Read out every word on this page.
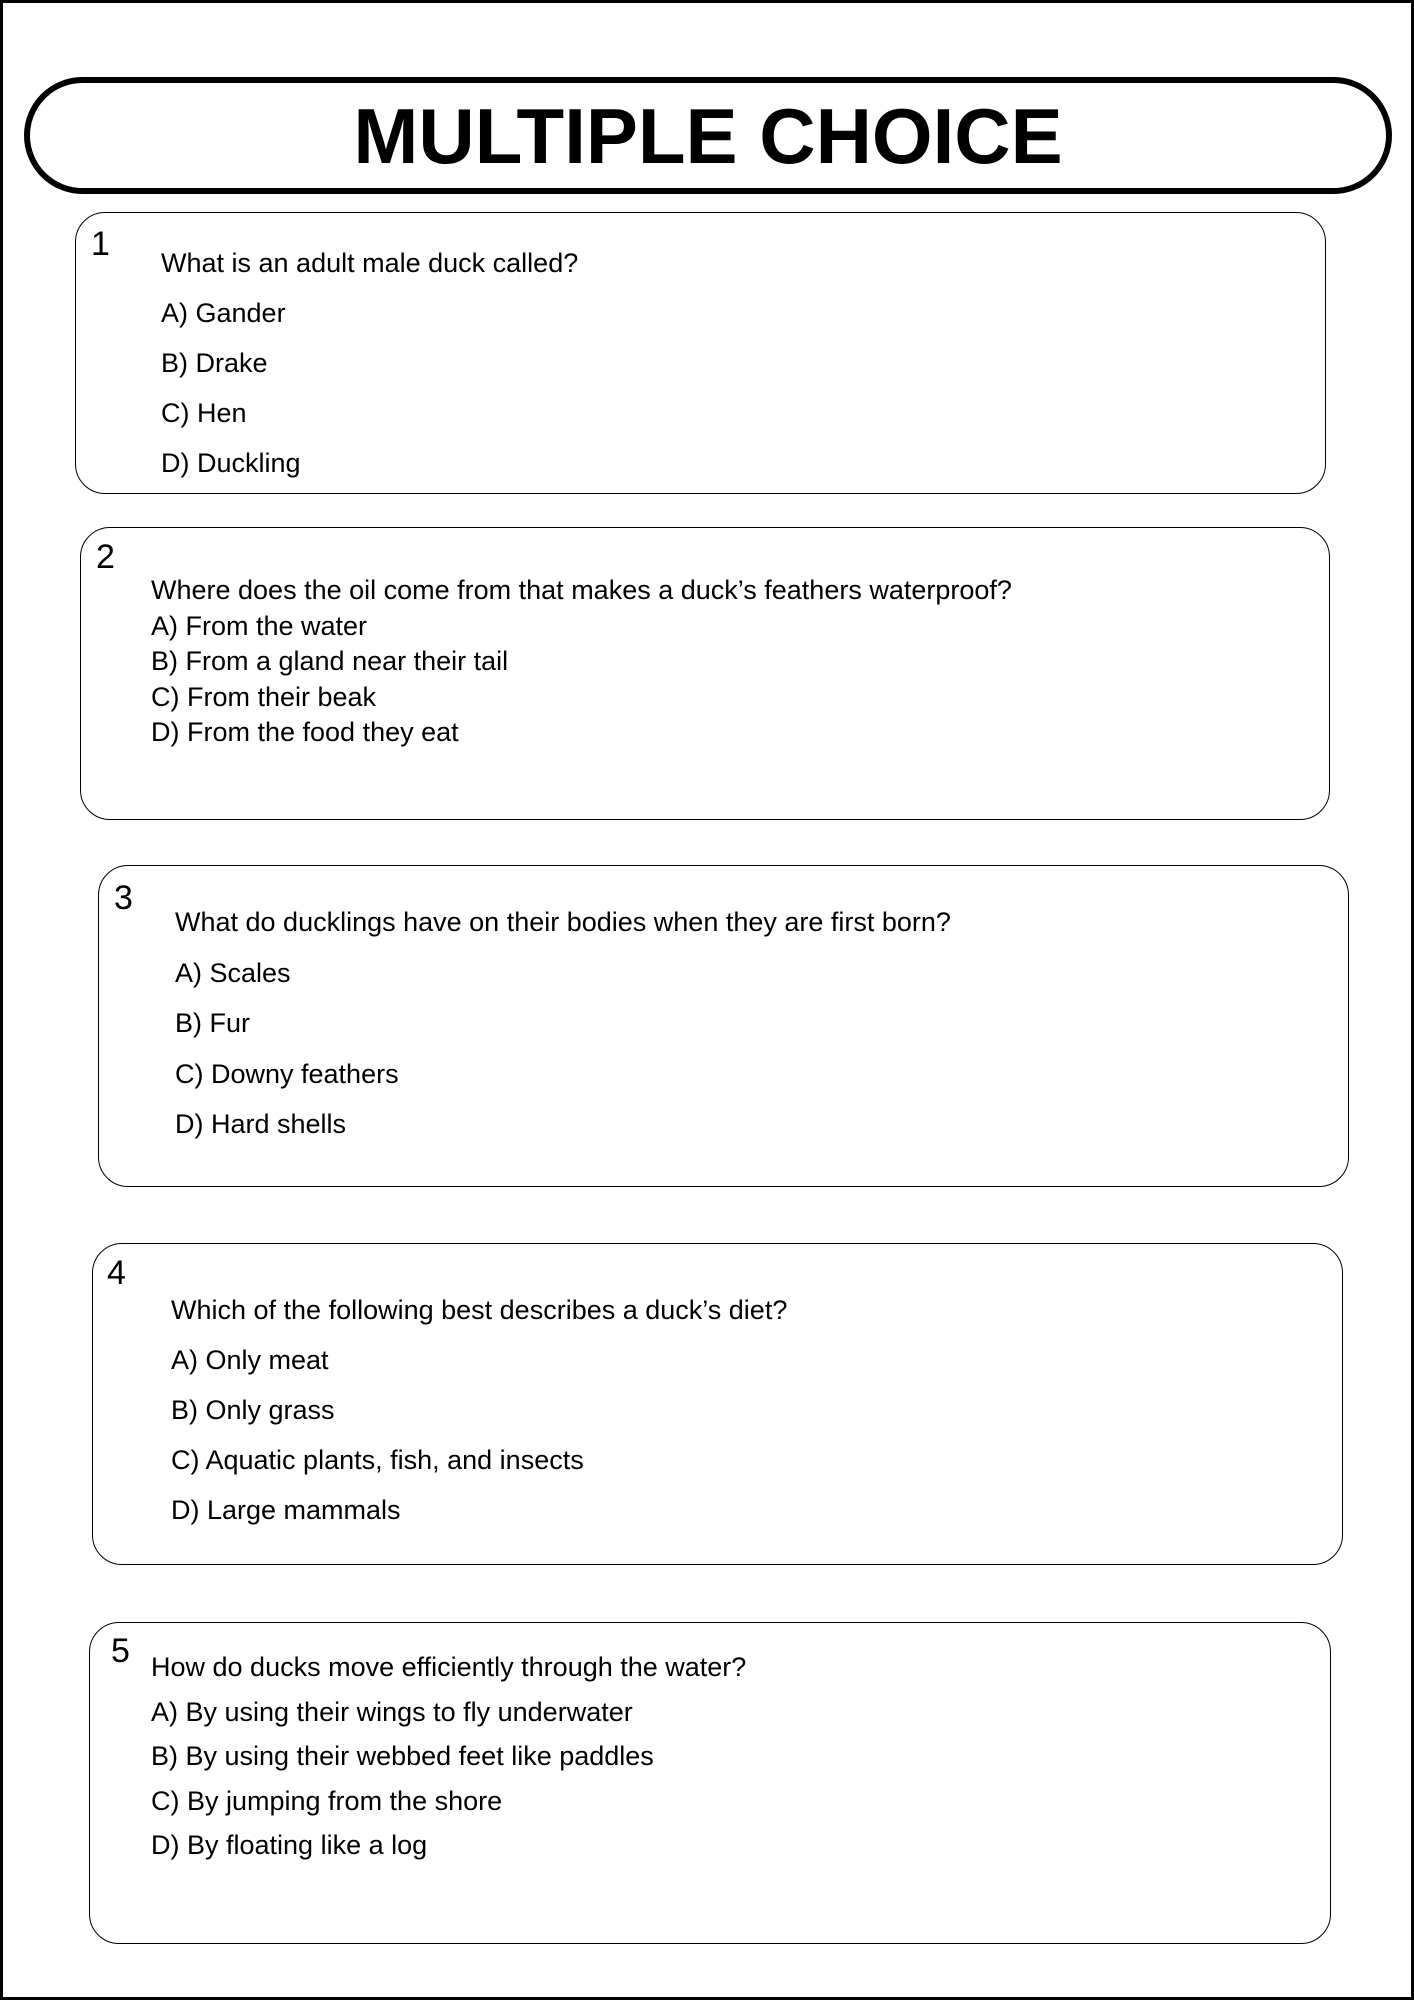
MULTIPLE CHOICE
1 What is an adult male duck called?
A) Gander
B) Drake
C) Hen
D) Duckling
2
Where does the oil come from that makes a duck’s feathers waterproof?
A) From the water
B) From a gland near their tail
C) From their beak
D) From the food they eat
3
What do ducklings have on their bodies when they are first born?
A) Scales
B) Fur
C) Downy feathers
D) Hard shells
4
Which of the following best describes a duck’s diet?
A) Only meat
B) Only grass
C) Aquatic plants, fish, and insects
D) Large mammals
5 How do ducks move efficiently through the water?
A) By using their wings to fly underwater
B) By using their webbed feet like paddles
C) By jumping from the shore
D) By floating like a log
